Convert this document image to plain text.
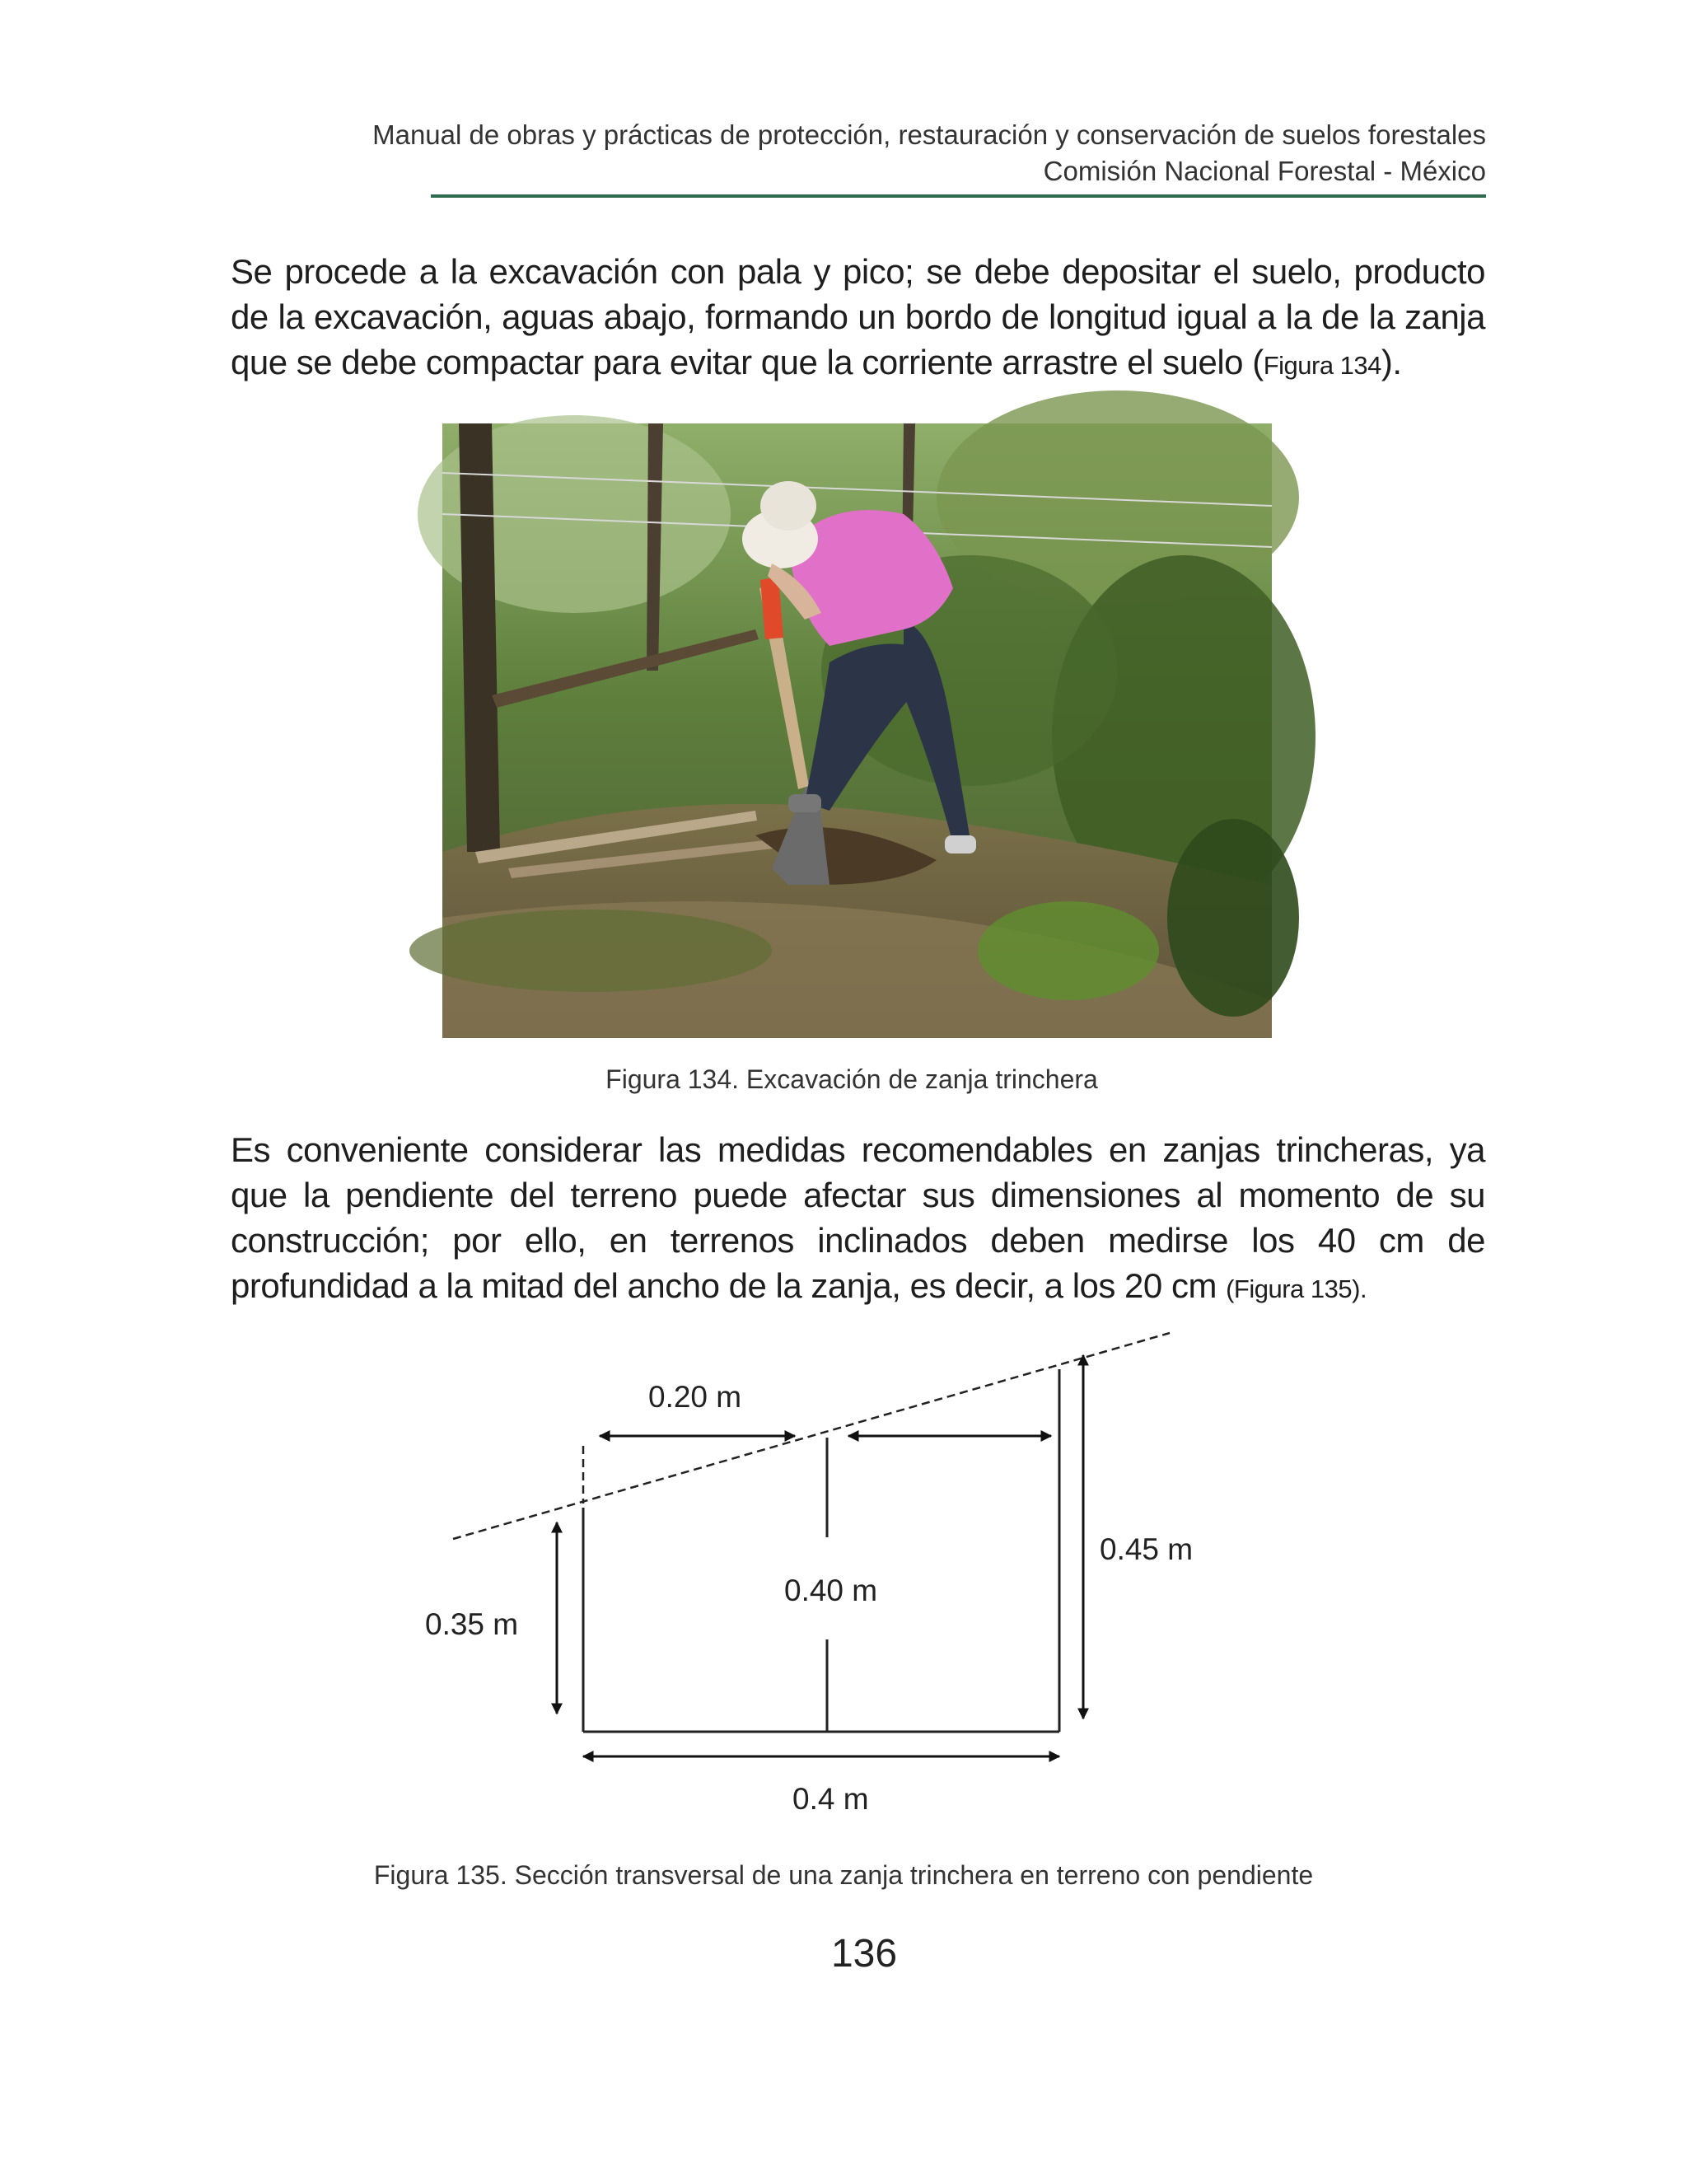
Manual de obras y prácticas de protección, restauración y conservación de suelos forestales
Comisión Nacional Forestal - México
Se procede a la excavación con pala y pico; se debe depositar el suelo, producto de la excavación, aguas abajo, formando un bordo de longitud igual a la de la zanja que se debe compactar para evitar que la corriente arrastre el suelo (Figura 134).
Figura 134. Excavación de zanja trinchera
Es conveniente considerar las medidas recomendables en zanjas trincheras, ya que la pendiente del terreno puede afectar sus dimensiones al momento de su construcción; por ello, en terrenos inclinados deben medirse los 40 cm de profundidad a la mitad del ancho de la zanja, es decir, a los 20 cm (Figura 135).
0.20 m
0.40 m
0.35 m
0.45 m
0.4 m
Figura 135. Sección transversal de una zanja trinchera en terreno con pendiente
136
